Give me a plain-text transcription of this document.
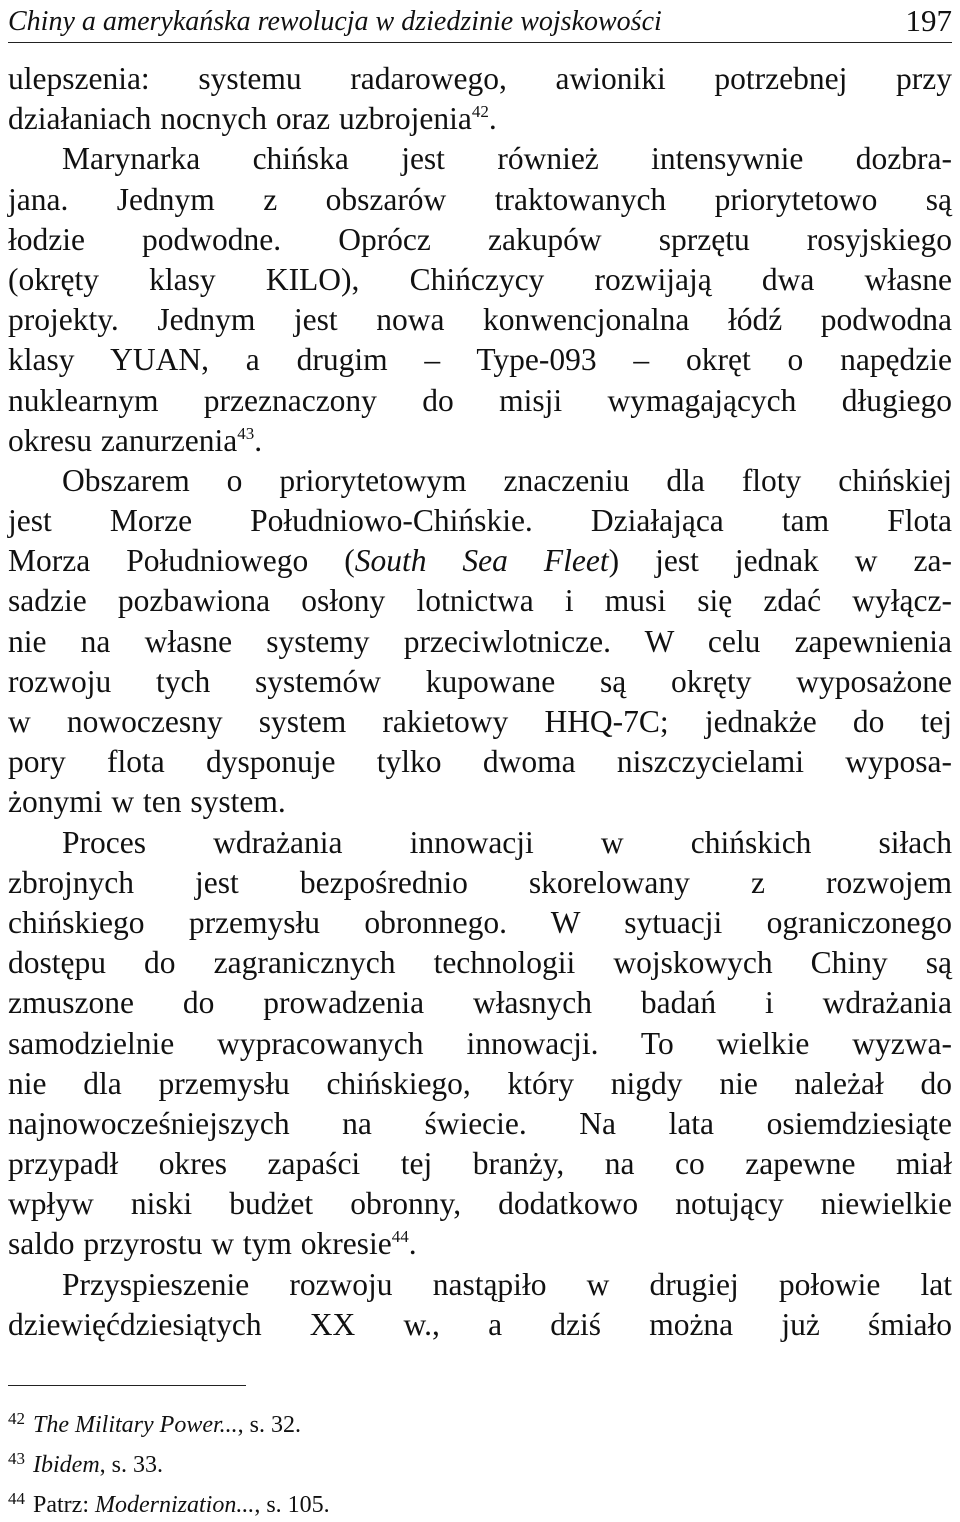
Chiny a amerykańska rewolucja w dziedzinie wojskowości	197
ulepszenia: systemu radarowego, awioniki potrzebnej przy
działaniach nocnych oraz uzbrojenia$^{42}$.
Marynarka chińska jest również intensywnie dozbra-
jana. Jednym z obszarów traktowanych priorytetowo są
łodzie podwodne. Oprócz zakupów sprzętu rosyjskiego
(okręty klasy KILO), Chińczycy rozwijają dwa własne
projekty. Jednym jest nowa konwencjonalna łódź podwodna
klasy YUAN, a drugim – Type-093 – okręt o napędzie
nuklearnym przeznaczony do misji wymagających długiego
okresu zanurzenia$^{43}$.
Obszarem o priorytetowym znaczeniu dla floty chińskiej
jest Morze Południowo-Chińskie. Działająca tam Flota
Morza Południowego (South Sea Fleet) jest jednak w za-
sadzie pozbawiona osłony lotnictwa i musi się zdać wyłącz-
nie na własne systemy przeciwlotnicze. W celu zapewnienia
rozwoju tych systemów kupowane są okręty wyposażone
w nowoczesny system rakietowy HHQ-7C; jednakże do tej
pory flota dysponuje tylko dwoma niszczycielami wyposa-
żonymi w ten system.
Proces wdrażania innowacji w chińskich siłach
zbrojnych jest bezpośrednio skorelowany z rozwojem
chińskiego przemysłu obronnego. W sytuacji ograniczonego
dostępu do zagranicznych technologii wojskowych Chiny są
zmuszone do prowadzenia własnych badań i wdrażania
samodzielnie wypracowanych innowacji. To wielkie wyzwa-
nie dla przemysłu chińskiego, który nigdy nie należał do
najnowocześniejszych na świecie. Na lata osiemdziesiąte
przypadł okres zapaści tej branży, na co zapewne miał
wpływ niski budżet obronny, dodatkowo notujący niewielkie
saldo przyrostu w tym okresie$^{44}$.
Przyspieszenie rozwoju nastąpiło w drugiej połowie lat
dziewięćdziesiątych XX w., a dziś można już śmiało
$^{42}$ The Military Power..., s. 32.
$^{43}$ Ibidem, s. 33.
$^{44}$ Patrz: Modernization..., s. 105.
